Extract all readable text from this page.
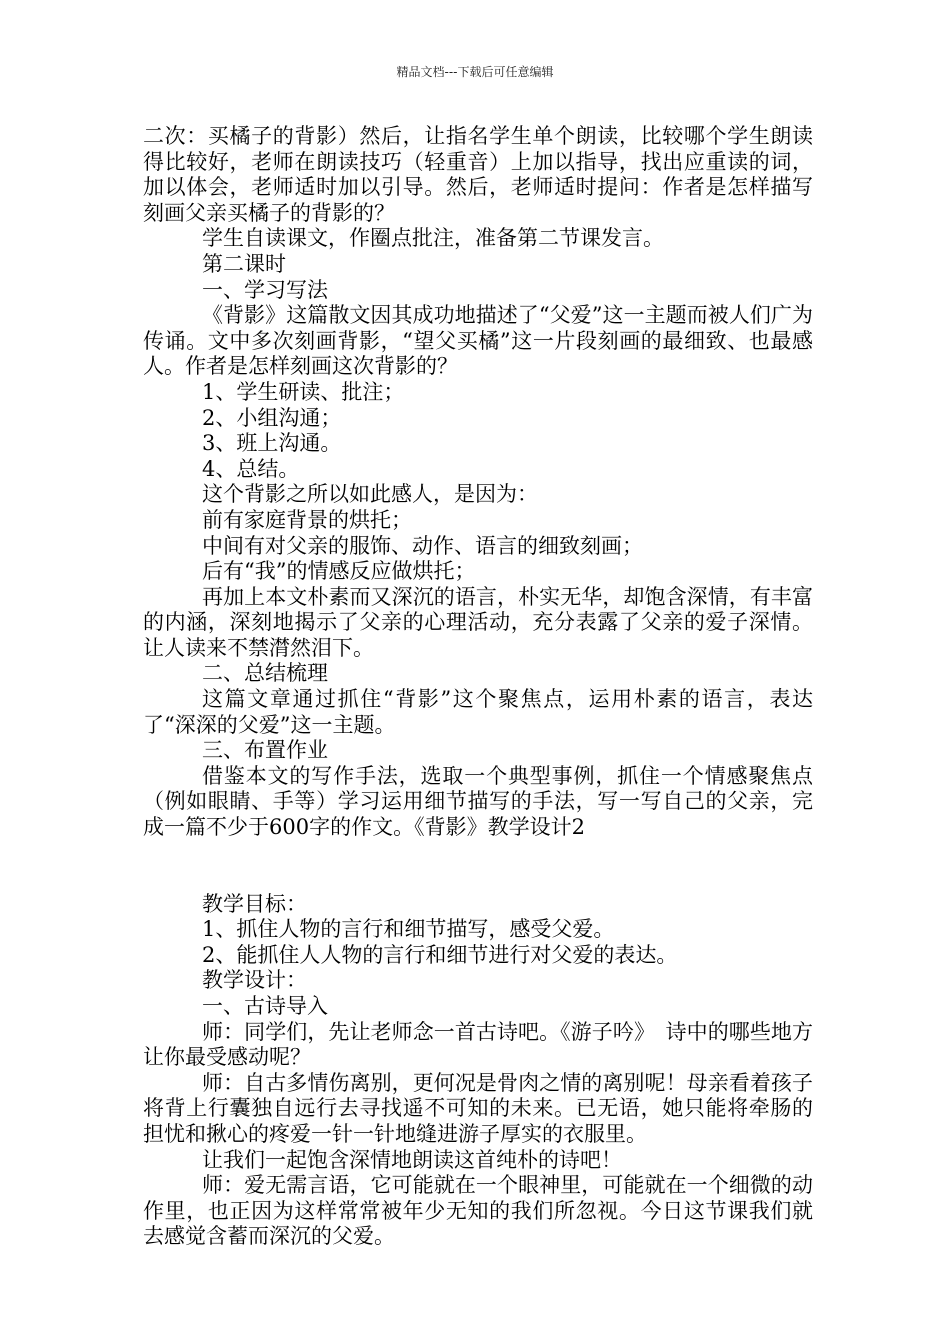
精品文档---下载后可任意编辑

二次：买橘子的背影）然后，让指名学生单个朗读，比较哪个学生朗读得比较好，老师在朗读技巧（轻重音）上加以指导，找出应重读的词，加以体会，老师适时加以引导。然后，老师适时提问：作者是怎样描写刻画父亲买橘子的背影的？

学生自读课文，作圈点批注，准备第二节课发言。

第二课时

一、学习写法

《背影》这篇散文因其成功地描述了“父爱”这一主题而被人们广为传诵。文中多次刻画背影，“望父买橘”这一片段刻画的最细致、也最感人。作者是怎样刻画这次背影的？

1、学生研读、批注；

2、小组沟通；

3、班上沟通。

4、总结。

这个背影之所以如此感人，是因为：

前有家庭背景的烘托；

中间有对父亲的服饰、动作、语言的细致刻画；

后有“我”的情感反应做烘托；

再加上本文朴素而又深沉的语言，朴实无华，却饱含深情，有丰富的内涵，深刻地揭示了父亲的心理活动，充分表露了父亲的爱子深情。让人读来不禁潸然泪下。

二、总结梳理

这篇文章通过抓住“背影”这个聚焦点，运用朴素的语言，表达了“深深的父爱”这一主题。

三、布置作业

借鉴本文的写作手法，选取一个典型事例，抓住一个情感聚焦点（例如眼睛、手等）学习运用细节描写的手法，写一写自己的父亲，完成一篇不少于600字的作文。《背影》教学设计2

教学目标：

1、抓住人物的言行和细节描写，感受父爱。

2、能抓住人人物的言行和细节进行对父爱的表达。

教学设计：

一、古诗导入

师：同学们，先让老师念一首古诗吧。《游子吟》　诗中的哪些地方让你最受感动呢？

师：自古多情伤离别，更何况是骨肉之情的离别呢！母亲看着孩子将背上行囊独自远行去寻找遥不可知的未来。已无语，她只能将牵肠的担忧和揪心的疼爱一针一针地缝进游子厚实的衣服里。

让我们一起饱含深情地朗读这首纯朴的诗吧！

师：爱无需言语，它可能就在一个眼神里，可能就在一个细微的动作里，也正因为这样常常被年少无知的我们所忽视。今日这节课我们就去感觉含蓄而深沉的父爱。
